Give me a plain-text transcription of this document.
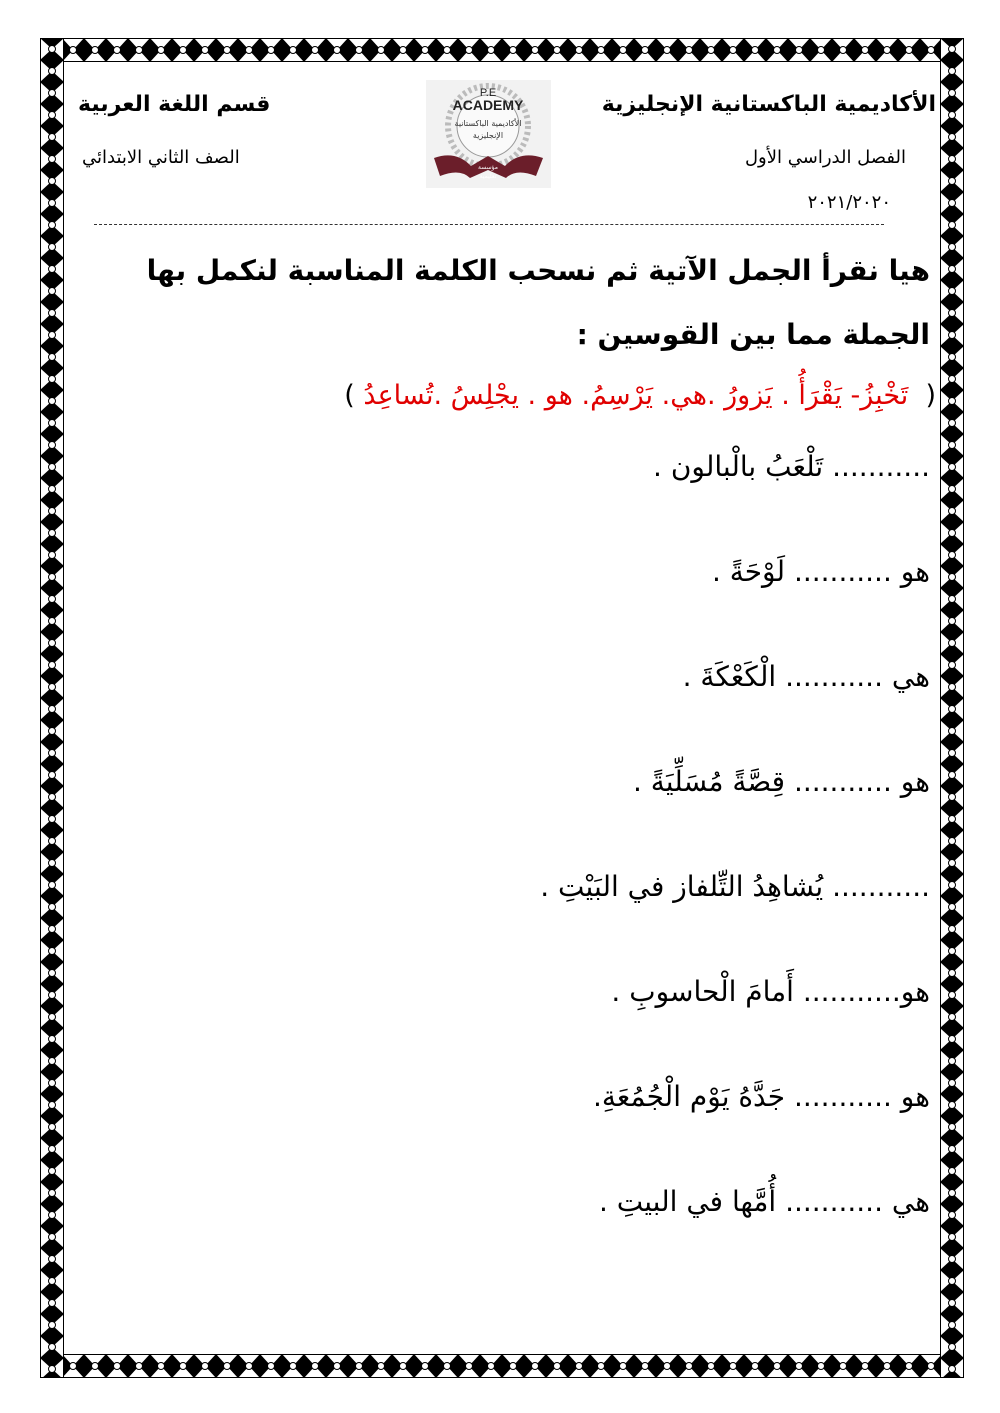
الأكاديمية الباكستانية الإنجليزية
قسم اللغة العربية
الفصل الدراسي الأول
الصف الثاني الابتدائي
٢٠٢١/٢٠٢٠
P.E
ACADEMY
الأكاديمية الباكستانية
الإنجليزية
مؤسسة
تعليمية
هيا نقرأ الجمل الآتية ثم نسحب الكلمة المناسبة لنكمل بها
الجملة مما بين القوسين :
(  تَخْبِزُ- يَقْرَأُ . يَزورُ .هي. يَرْسِمُ. هو . يجْلِسُ .تُساعِدُ )
........... تَلْعَبُ بالْبالون .
هو ........... لَوْحَةً .
هي ........... الْكَعْكَةَ .
هو ........... قِصَّةً مُسَلِّيَةً .
........... يُشاهِدُ التِّلفاز في البَيْتِ .
هو........... أَمامَ الْحاسوبِ .
هو ........... جَدَّهُ يَوْم الْجُمُعَةِ.
هي ........... أُمَّها في البيتِ .
